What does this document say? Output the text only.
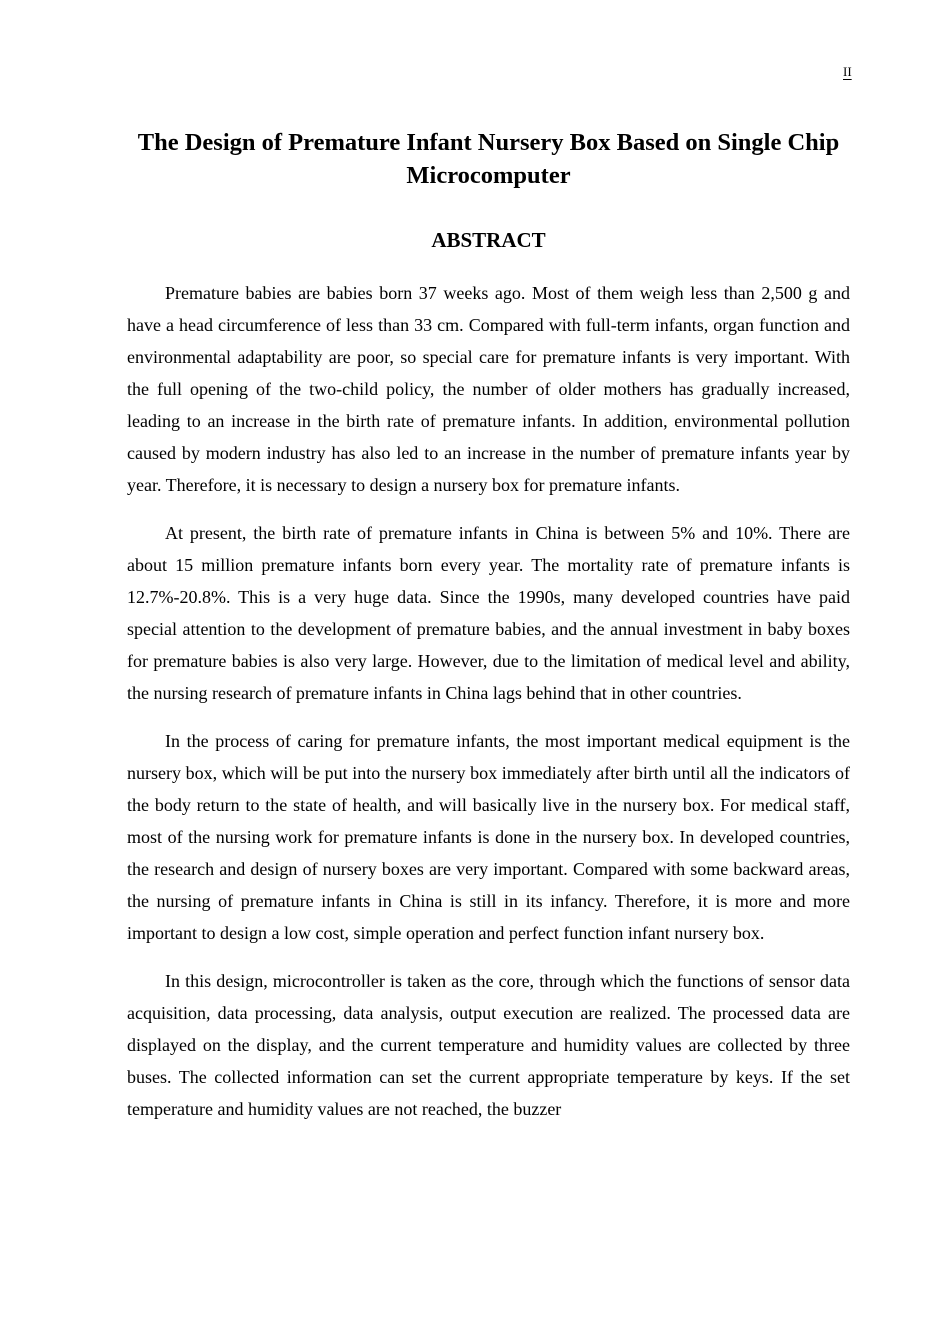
II
The Design of Premature Infant Nursery Box Based on Single Chip Microcomputer
ABSTRACT

Premature babies are babies born 37 weeks ago. Most of them weigh less than 2,500 g and have a head circumference of less than 33 cm. Compared with full-term infants, organ function and environmental adaptability are poor, so special care for premature infants is very important. With the full opening of the two-child policy, the number of older mothers has gradually increased, leading to an increase in the birth rate of premature infants. In addition, environmental pollution caused by modern industry has also led to an increase in the number of premature infants year by year. Therefore, it is necessary to design a nursery box for premature infants.

At present, the birth rate of premature infants in China is between 5% and 10%. There are about 15 million premature infants born every year. The mortality rate of premature infants is 12.7%-20.8%. This is a very huge data. Since the 1990s, many developed countries have paid special attention to the development of premature babies, and the annual investment in baby boxes for premature babies is also very large. However, due to the limitation of medical level and ability, the nursing research of premature infants in China lags behind that in other countries.

In the process of caring for premature infants, the most important medical equipment is the nursery box, which will be put into the nursery box immediately after birth until all the indicators of the body return to the state of health, and will basically live in the nursery box. For medical staff, most of the nursing work for premature infants is done in the nursery box. In developed countries, the research and design of nursery boxes are very important. Compared with some backward areas, the nursing of premature infants in China is still in its infancy. Therefore, it is more and more important to design a low cost, simple operation and perfect function infant nursery box.

In this design, microcontroller is taken as the core, through which the functions of sensor data acquisition, data processing, data analysis, output execution are realized. The processed data are displayed on the display, and the current temperature and humidity values are collected by three buses. The collected information can set the current appropriate temperature by keys. If the set temperature and humidity values are not reached, the buzzer
